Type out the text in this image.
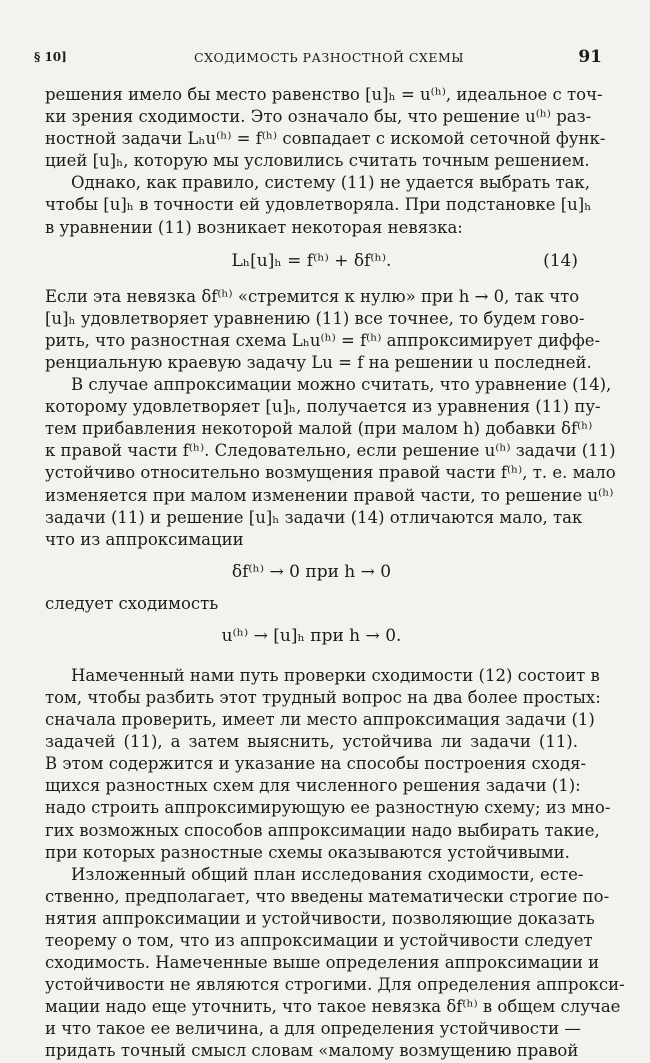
§ 10]	СХОДИМОСТЬ РАЗНОСТНОЙ СХЕМЫ	91
решения имело бы место равенство [u]ₕ = u⁽ʰ⁾, идеальное с точ-
ки зрения сходимости. Это означало бы, что решение u⁽ʰ⁾ раз-
ностной задачи Lₕu⁽ʰ⁾ = f⁽ʰ⁾ совпадает с искомой сеточной функ-
цией [u]ₕ, которую мы условились считать точным решением.
Однако, как правило, систему (11) не удается выбрать так,
чтобы [u]ₕ в точности ей удовлетворяла. При подстановке [u]ₕ
в уравнении (11) возникает некоторая невязка:
Lₕ[u]ₕ = f⁽ʰ⁾ + δf⁽ʰ⁾.	(14)
Если эта невязка δf⁽ʰ⁾ «стремится к нулю» при h → 0, так что
[u]ₕ удовлетворяет уравнению (11) все точнее, то будем гово-
рить, что разностная схема Lₕu⁽ʰ⁾ = f⁽ʰ⁾ аппроксимирует диффе-
ренциальную краевую задачу Lu = f на решении u последней.
В случае аппроксимации можно считать, что уравнение (14),
которому удовлетворяет [u]ₕ, получается из уравнения (11) пу-
тем прибавления некоторой малой (при малом h) добавки δf⁽ʰ⁾
к правой части f⁽ʰ⁾. Следовательно, если решение u⁽ʰ⁾ задачи (11)
устойчиво относительно возмущения правой части f⁽ʰ⁾, т. е. мало
изменяется при малом изменении правой части, то решение u⁽ʰ⁾
задачи (11) и решение [u]ₕ задачи (14) отличаются мало, так
что из аппроксимации
δf⁽ʰ⁾ → 0 при h → 0
следует сходимость
u⁽ʰ⁾ → [u]ₕ при h → 0.
Намеченный нами путь проверки сходимости (12) состоит в
том, чтобы разбить этот трудный вопрос на два более простых:
сначала проверить, имеет ли место аппроксимация задачи (1)
задачей (11), а затем выяснить, устойчива ли задачи (11).
В этом содержится и указание на способы построения сходя-
щихся разностных схем для численного решения задачи (1):
надо строить аппроксимирующую ее разностную схему; из мно-
гих возможных способов аппроксимации надо выбирать такие,
при которых разностные схемы оказываются устойчивыми.
Изложенный общий план исследования сходимости, есте-
ственно, предполагает, что введены математически строгие по-
нятия аппроксимации и устойчивости, позволяющие доказать
теорему о том, что из аппроксимации и устойчивости следует
сходимость. Намеченные выше определения аппроксимации и
устойчивости не являются строгими. Для определения аппрокси-
мации надо еще уточнить, что такое невязка δf⁽ʰ⁾ в общем случае
и что такое ее величина, а для определения устойчивости —
придать точный смысл словам «малому возмущению правой
